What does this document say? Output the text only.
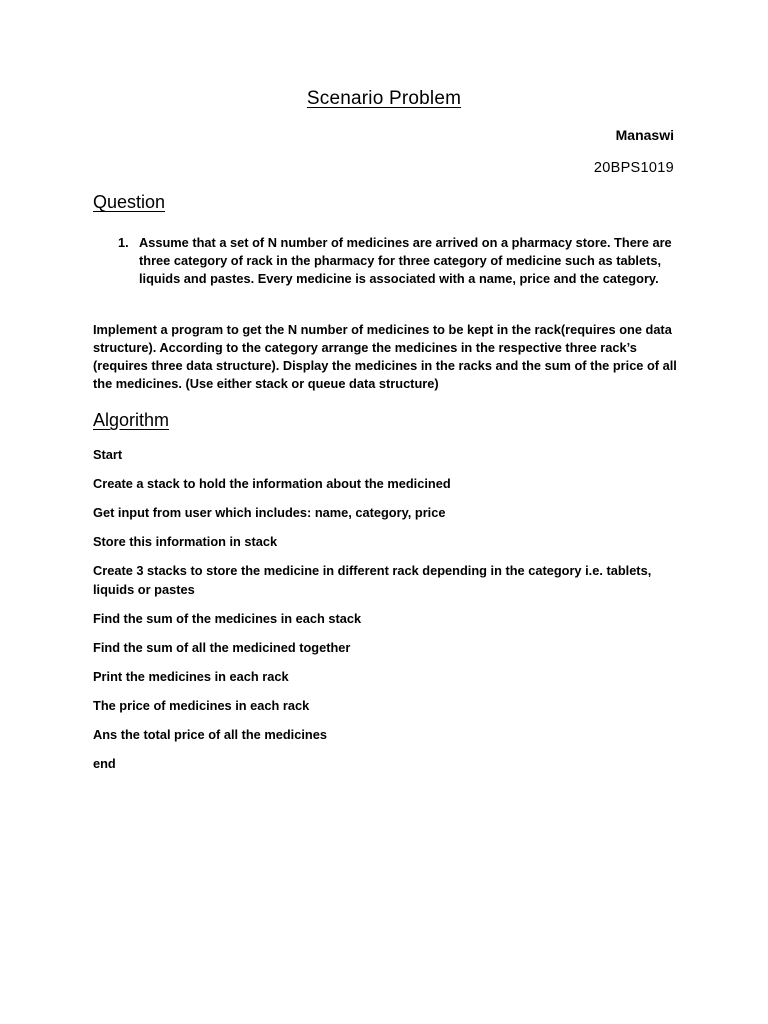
Scenario Problem
Manaswi
20BPS1019
Question
1. Assume that a set of N number of medicines are arrived on a pharmacy store. There are three category of rack in the pharmacy for three category of medicine such as tablets, liquids and pastes. Every medicine is associated with a name, price and the category.
Implement a program to get the N number of medicines to be kept in the rack(requires one data structure). According to the category arrange the medicines in the respective three rack’s (requires three data structure). Display the medicines in the racks and the sum of the price of all the medicines. (Use either stack or queue data structure)
Algorithm

Start

Create a stack to hold the information about the medicined

Get input from user which includes: name, category, price

Store this information in stack

Create 3 stacks to store the medicine in different rack depending in the category i.e. tablets, liquids or pastes

Find the sum of the medicines in each stack

Find the sum of all the medicined together

Print the medicines in each rack

The price of medicines in each rack

Ans the total price of all the medicines

end
